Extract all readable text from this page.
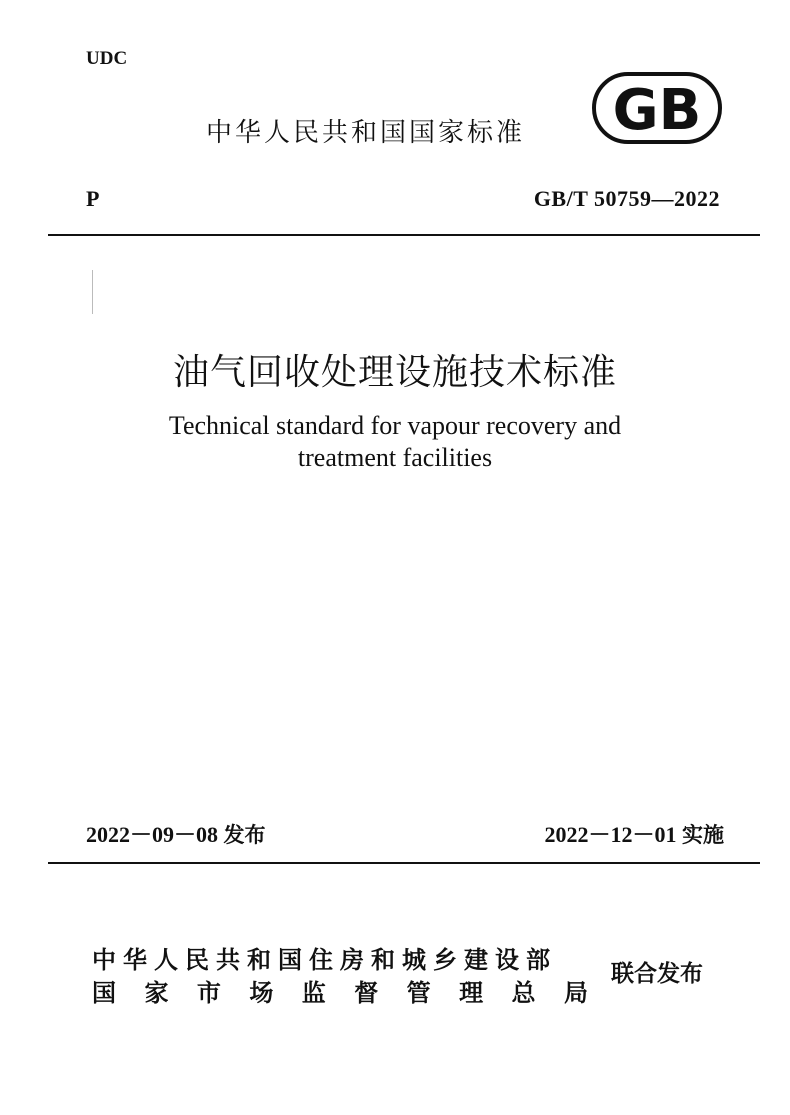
UDC
中华人民共和国国家标准 GB
P	GB/T 50759—2022
油气回收处理设施技术标准
Technical standard for vapour recovery and
treatment facilities
2022－09－08 发布	2022－12－01 实施
中华人民共和国住房和城乡建设部
国 家 市 场 监 督 管 理 总 局
联合发布
